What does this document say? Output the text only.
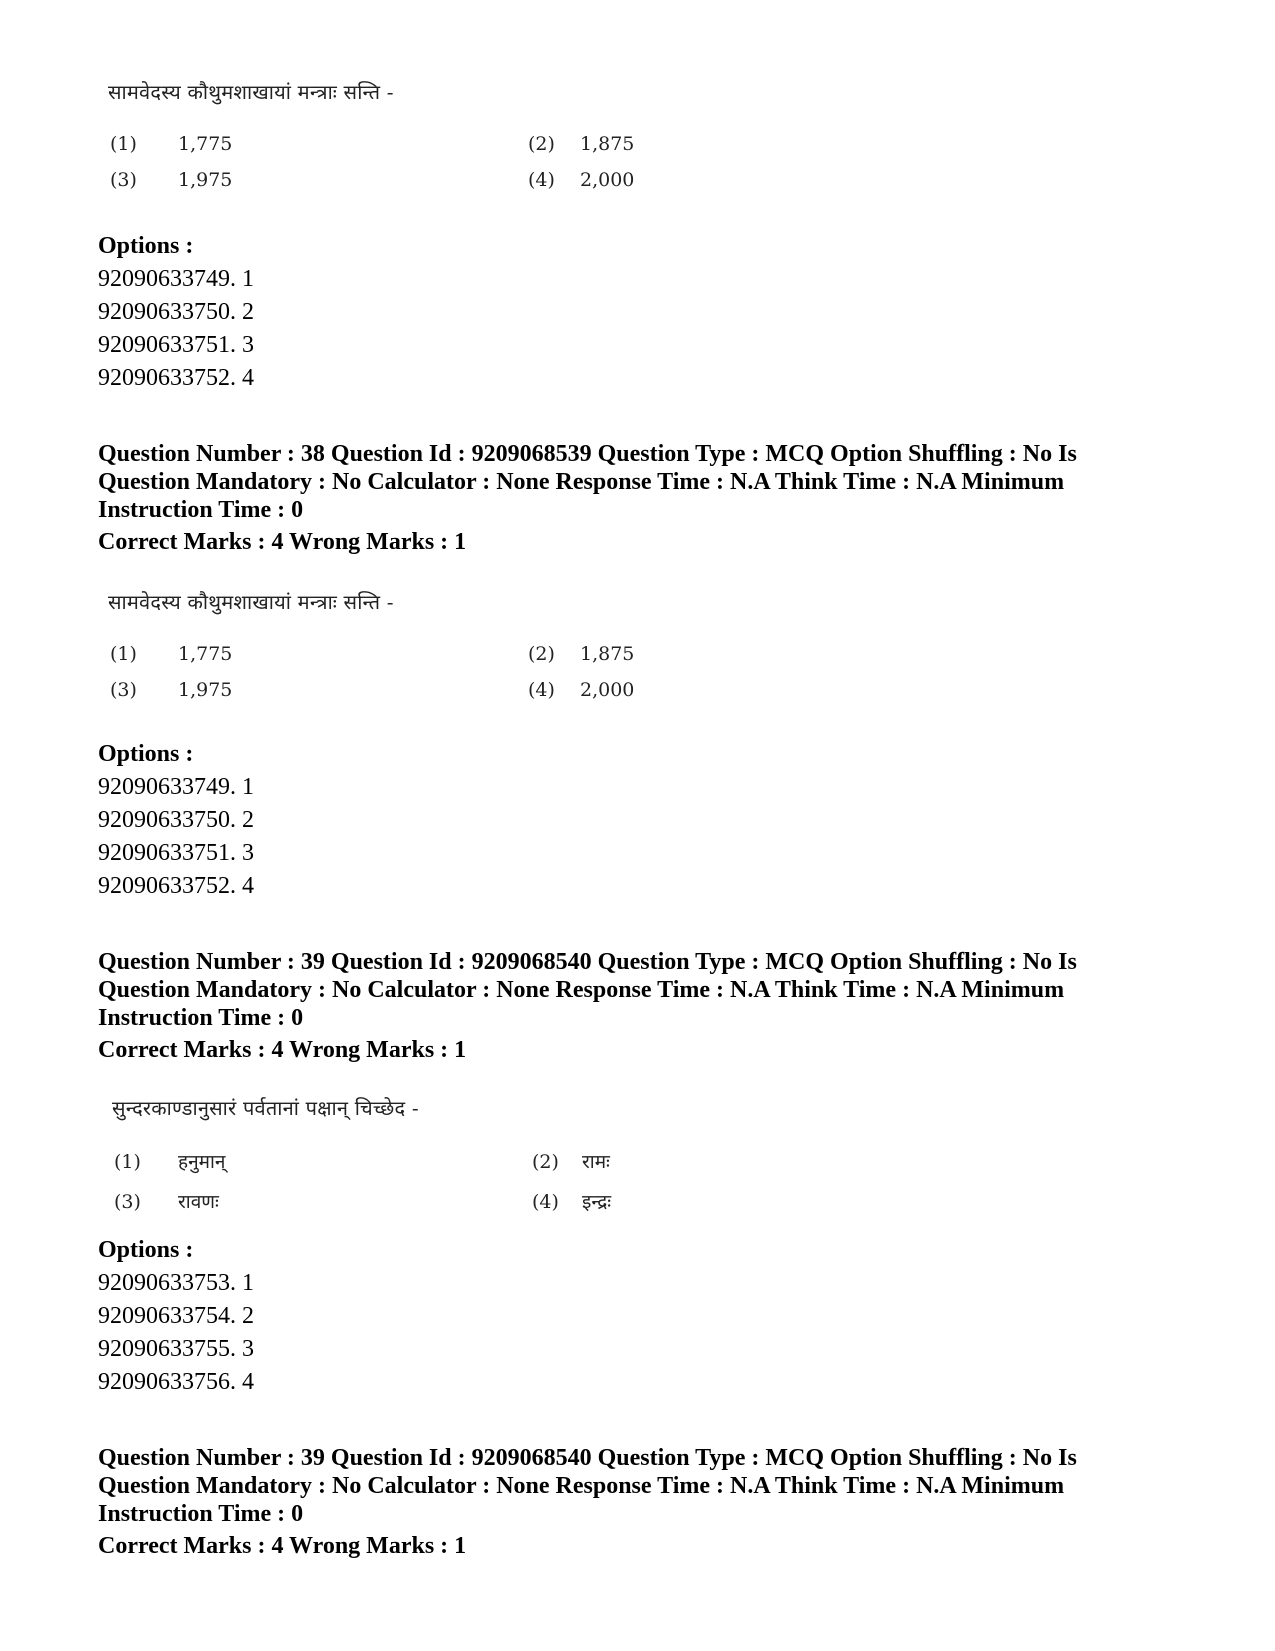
सामवेदस्य कौथुमशाखायां मन्त्राः सन्ति -
(1) 1,775	(2) 1,875
(3) 1,975	(4) 2,000
Options :
92090633749. 1
92090633750. 2
92090633751. 3
92090633752. 4
Question Number : 38 Question Id : 9209068539 Question Type : MCQ Option Shuffling : No Is
Question Mandatory : No Calculator : None Response Time : N.A Think Time : N.A Minimum
Instruction Time : 0
Correct Marks : 4 Wrong Marks : 1
सामवेदस्य कौथुमशाखायां मन्त्राः सन्ति -
(1) 1,775	(2) 1,875
(3) 1,975	(4) 2,000
Options :
92090633749. 1
92090633750. 2
92090633751. 3
92090633752. 4
Question Number : 39 Question Id : 9209068540 Question Type : MCQ Option Shuffling : No Is
Question Mandatory : No Calculator : None Response Time : N.A Think Time : N.A Minimum
Instruction Time : 0
Correct Marks : 4 Wrong Marks : 1
सुन्दरकाण्डानुसारं पर्वतानां पक्षान् चिच्छेद -
(1) हनुमान्	(2) रामः
(3) रावणः	(4) इन्द्रः
Options :
92090633753. 1
92090633754. 2
92090633755. 3
92090633756. 4
Question Number : 39 Question Id : 9209068540 Question Type : MCQ Option Shuffling : No Is
Question Mandatory : No Calculator : None Response Time : N.A Think Time : N.A Minimum
Instruction Time : 0
Correct Marks : 4 Wrong Marks : 1
